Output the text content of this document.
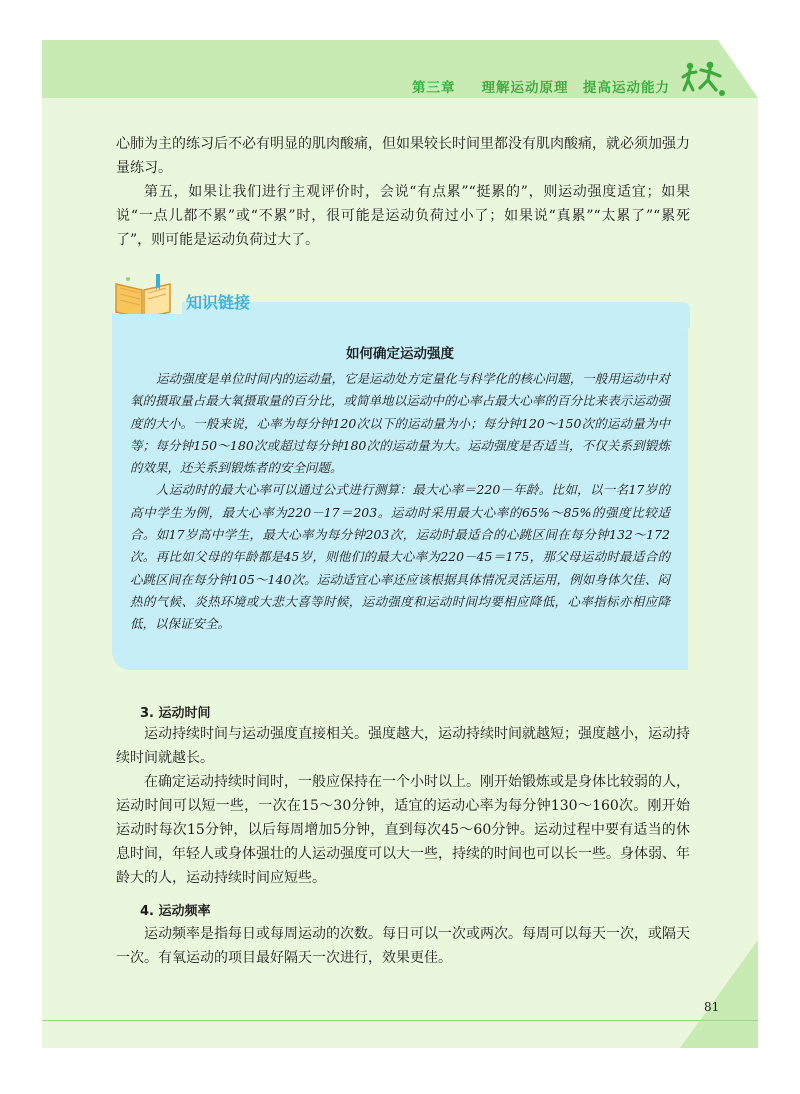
第三章 理解运动原理　提高运动能力

心肺为主的练习后不必有明显的肌肉酸痛，但如果较长时间里都没有肌肉酸痛，就必须加强力量练习。

第五，如果让我们进行主观评价时，会说“有点累”“挺累的”，则运动强度适宜；如果说“一点儿都不累”或“不累”时，很可能是运动负荷过小了；如果说“真累”“太累了”“累死了”，则可能是运动负荷过大了。

知识链接
如何确定运动强度

运动强度是单位时间内的运动量，它是运动处方定量化与科学化的核心问题，一般用运动中对氧的摄取量占最大氧摄取量的百分比，或简单地以运动中的心率占最大心率的百分比来表示运动强度的大小。一般来说，心率为每分钟120次以下的运动量为小；每分钟120～150次的运动量为中等；每分钟150～180次或超过每分钟180次的运动量为大。运动强度是否适当，不仅关系到锻炼的效果，还关系到锻炼者的安全问题。

人运动时的最大心率可以通过公式进行测算：最大心率＝220－年龄。比如，以一名17岁的高中学生为例，最大心率为220－17＝203。运动时采用最大心率的65%～85%的强度比较适合。如17岁高中学生，最大心率为每分钟203次，运动时最适合的心跳区间在每分钟132～172次。再比如父母的年龄都是45岁，则他们的最大心率为220－45＝175，那父母运动时最适合的心跳区间在每分钟105～140次。运动适宜心率还应该根据具体情况灵活运用，例如身体欠佳、闷热的气候、炎热环境或大悲大喜等时候，运动强度和运动时间均要相应降低，心率指标亦相应降低，以保证安全。

3. 运动时间

运动持续时间与运动强度直接相关。强度越大，运动持续时间就越短；强度越小，运动持续时间就越长。

在确定运动持续时间时，一般应保持在一个小时以上。刚开始锻炼或是身体比较弱的人，运动时间可以短一些，一次在15～30分钟，适宜的运动心率为每分钟130～160次。刚开始运动时每次15分钟，以后每周增加5分钟，直到每次45～60分钟。运动过程中要有适当的休息时间，年轻人或身体强壮的人运动强度可以大一些，持续的时间也可以长一些。身体弱、年龄大的人，运动持续时间应短些。

4. 运动频率

运动频率是指每日或每周运动的次数。每日可以一次或两次。每周可以每天一次，或隔天一次。有氧运动的项目最好隔天一次进行，效果更佳。

81
